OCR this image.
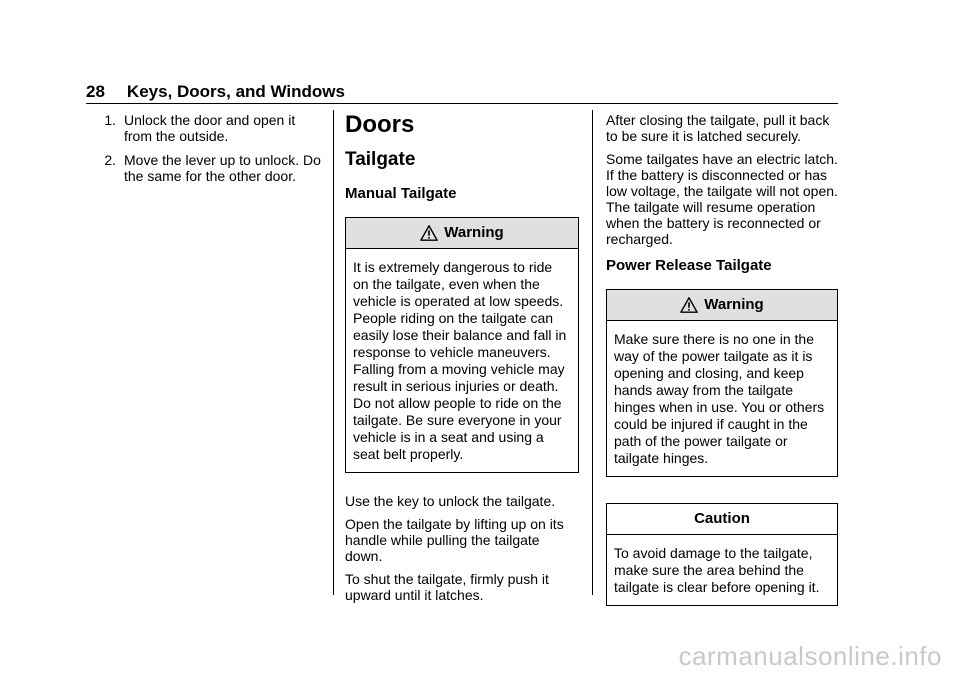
28 Keys, Doors, and Windows
1. Unlock the door and open it from the outside.
2. Move the lever up to unlock. Do the same for the other door.
Doors
Tailgate
Manual Tailgate
Warning
It is extremely dangerous to ride on the tailgate, even when the vehicle is operated at low speeds. People riding on the tailgate can easily lose their balance and fall in response to vehicle maneuvers. Falling from a moving vehicle may result in serious injuries or death. Do not allow people to ride on the tailgate. Be sure everyone in your vehicle is in a seat and using a seat belt properly.
Use the key to unlock the tailgate.
Open the tailgate by lifting up on its handle while pulling the tailgate down.
To shut the tailgate, firmly push it upward until it latches.
After closing the tailgate, pull it back to be sure it is latched securely.
Some tailgates have an electric latch. If the battery is disconnected or has low voltage, the tailgate will not open. The tailgate will resume operation when the battery is reconnected or recharged.
Power Release Tailgate
Warning
Make sure there is no one in the way of the power tailgate as it is opening and closing, and keep hands away from the tailgate hinges when in use. You or others could be injured if caught in the path of the power tailgate or tailgate hinges.
Caution
To avoid damage to the tailgate, make sure the area behind the tailgate is clear before opening it.
carmanualsonline.info
